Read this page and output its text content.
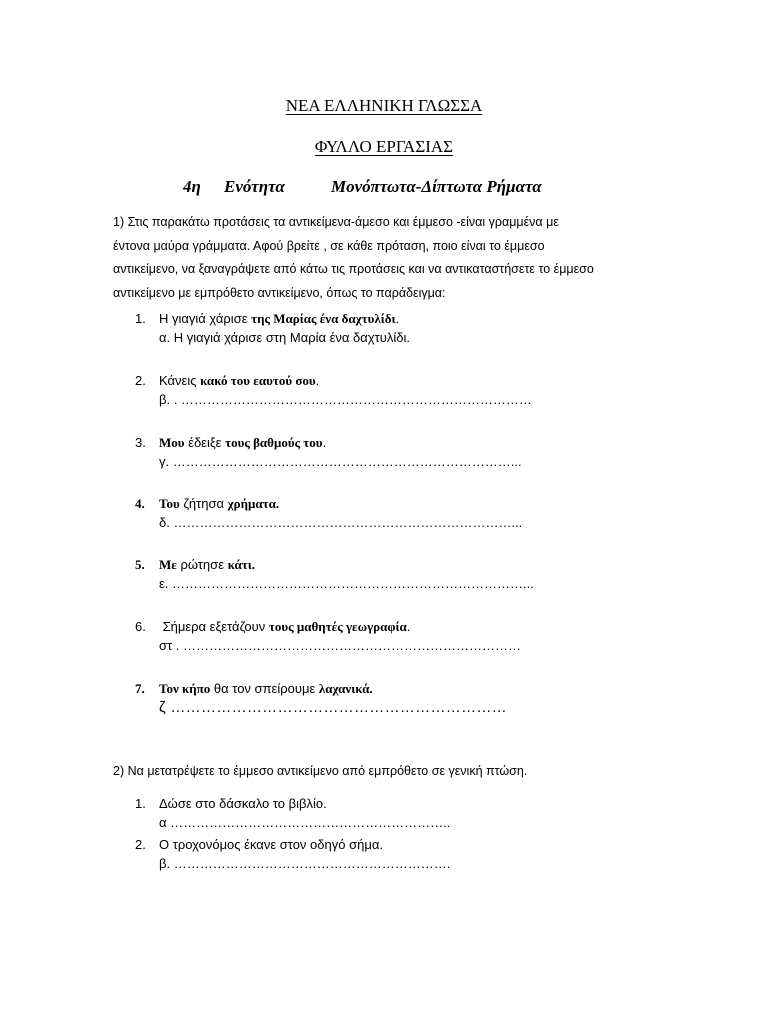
ΝΕΑ ΕΛΛΗΝΙΚΗ ΓΛΩΣΣΑ
ΦΥΛΛΟ ΕΡΓΑΣΙΑΣ
4η Ενότητα	Μονόπτωτα-Δίπτωτα Ρήματα
1) Στις παρακάτω προτάσεις τα αντικείμενα-άμεσο και έμμεσο -είναι γραμμένα με
έντονα μαύρα γράμματα. Αφού βρείτε , σε κάθε πρόταση, ποιο είναι το έμμεσο
αντικείμενο, να ξαναγράψετε από κάτω τις προτάσεις και να αντικαταστήσετε το έμμεσο
αντικείμενο με εμπρόθετο αντικείμενο, όπως το παράδειγμα:
1. Η γιαγιά χάρισε της Μαρίας ένα δαχτυλίδι.
α. Η γιαγιά χάρισε στη Μαρία ένα δαχτυλίδι.
2. Κάνεις κακό του εαυτού σου.
β. . ………………………………………………………………………
3. Μου έδειξε τους βαθμούς του.
γ. ……………………………………………………………………...
4. Του ζήτησα χρήματα.
δ. ……………………………………………………………………...
5. Με ρώτησε κάτι.
ε. ………………………………………………………………………...
6. Σήμερα εξετάζουν τους μαθητές γεωγραφία.
στ . ……………………………………………………………………
7. Τον κήπο θα τον σπείρουμε λαχανικά.
ζ …………………………………………………………
2) Να μετατρέψετε το έμμεσο αντικείμενο από εμπρόθετο σε γενική πτώση.
1. Δώσε στο δάσκαλο το βιβλίο.
α ………………………………………………………..
2. Ο τροχονόμος έκανε στον οδηγό σήμα.
β. ……………………………………………………….
